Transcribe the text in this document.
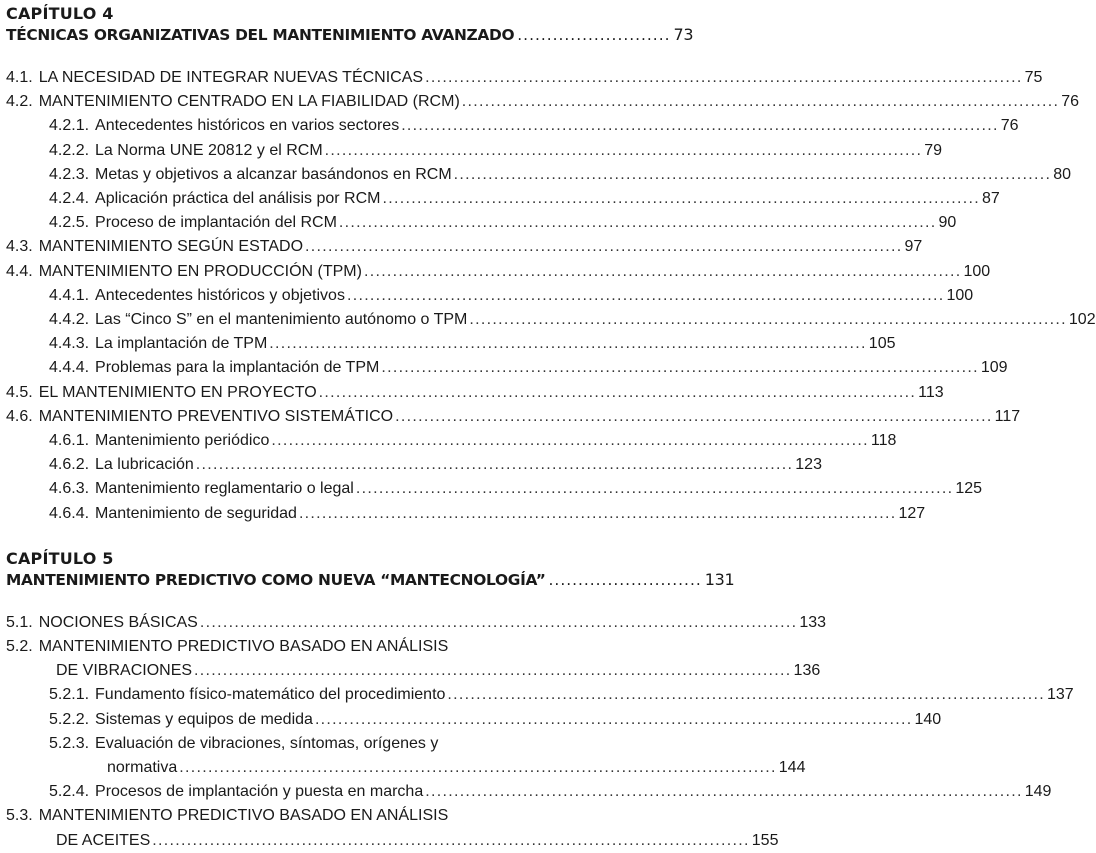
CAPÍTULO 4
TÉCNICAS ORGANIZATIVAS DEL MANTENIMIENTO AVANZADO .......................... 73
4.1. LA NECESIDAD DE INTEGRAR NUEVAS TÉCNICAS ........................................................................................................ 75
4.2. MANTENIMIENTO CENTRADO EN LA FIABILIDAD (RCM) ........................................................................................................ 76
4.2.1. Antecedentes históricos en varios sectores ........................................................................................................ 76
4.2.2. La Norma UNE 20812 y el RCM ........................................................................................................ 79
4.2.3. Metas y objetivos a alcanzar basándonos en RCM ........................................................................................................ 80
4.2.4. Aplicación práctica del análisis por RCM ........................................................................................................ 87
4.2.5. Proceso de implantación del RCM ........................................................................................................ 90
4.3. MANTENIMIENTO SEGÚN ESTADO ........................................................................................................ 97
4.4. MANTENIMIENTO EN PRODUCCIÓN (TPM) ........................................................................................................ 100
4.4.1. Antecedentes históricos y objetivos ........................................................................................................ 100
4.4.2. Las “Cinco S” en el mantenimiento autónomo o TPM ........................................................................................................ 102
4.4.3. La implantación de TPM ........................................................................................................ 105
4.4.4. Problemas para la implantación de TPM ........................................................................................................ 109
4.5. EL MANTENIMIENTO EN PROYECTO ........................................................................................................ 113
4.6. MANTENIMIENTO PREVENTIVO SISTEMÁTICO ........................................................................................................ 117
4.6.1. Mantenimiento periódico ........................................................................................................ 118
4.6.2. La lubricación ........................................................................................................ 123
4.6.3. Mantenimiento reglamentario o legal ........................................................................................................ 125
4.6.4. Mantenimiento de seguridad ........................................................................................................ 127
CAPÍTULO 5
MANTENIMIENTO PREDICTIVO COMO NUEVA “MANTECNOLOGÍA” .......................... 131
5.1. NOCIONES BÁSICAS ........................................................................................................ 133
5.2. MANTENIMIENTO PREDICTIVO BASADO EN ANÁLISIS
DE VIBRACIONES ........................................................................................................ 136
5.2.1. Fundamento físico-matemático del procedimiento ........................................................................................................ 137
5.2.2. Sistemas y equipos de medida ........................................................................................................ 140
5.2.3. Evaluación de vibraciones, síntomas, orígenes y
normativa ........................................................................................................ 144
5.2.4. Procesos de implantación y puesta en marcha ........................................................................................................ 149
5.3. MANTENIMIENTO PREDICTIVO BASADO EN ANÁLISIS
DE ACEITES ........................................................................................................ 155
